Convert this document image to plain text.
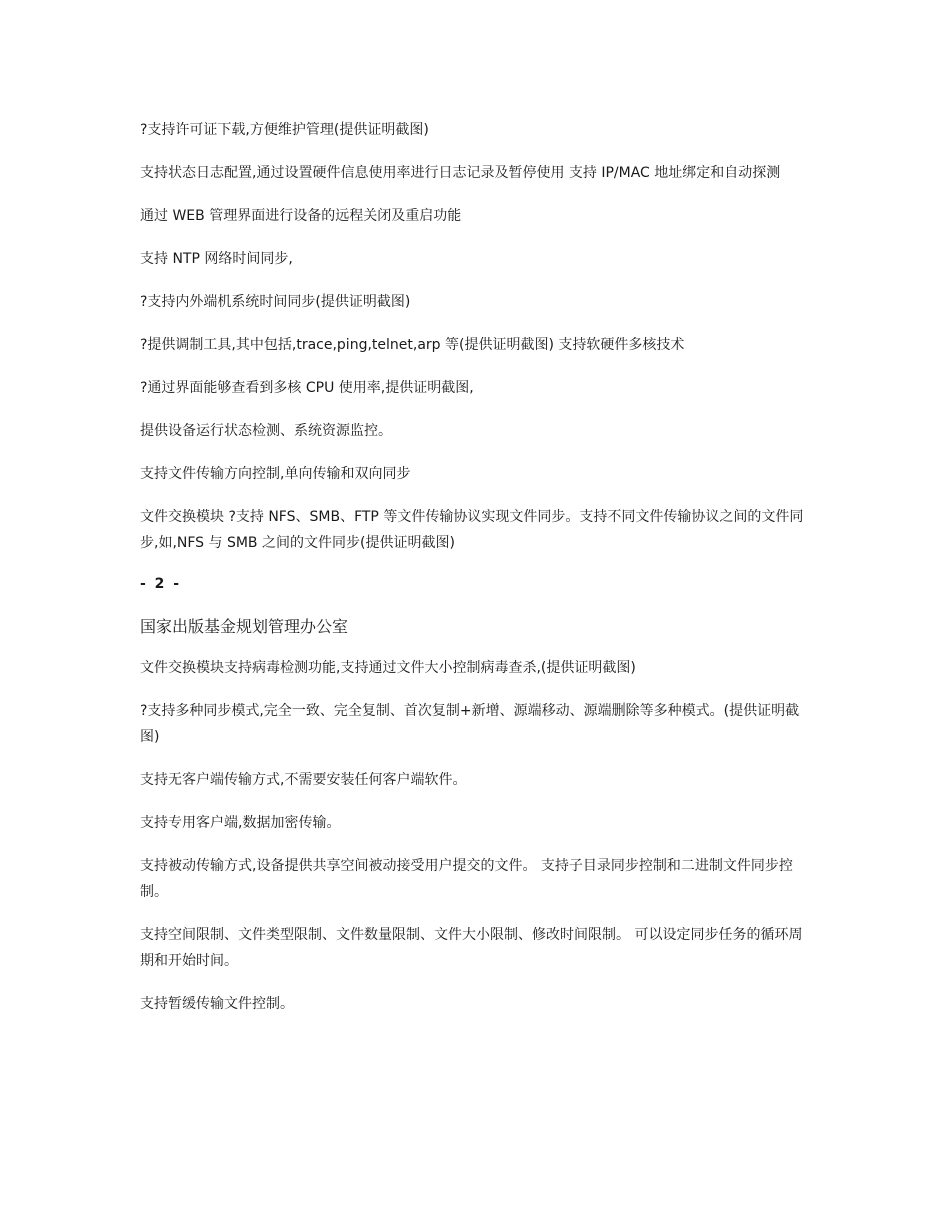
?支持许可证下载,方便维护管理(提供证明截图)

支持状态日志配置,通过设置硬件信息使用率进行日志记录及暂停使用 支持 IP/MAC 地址绑定和自动探测

通过 WEB 管理界面进行设备的远程关闭及重启功能

支持 NTP 网络时间同步,

?支持内外端机系统时间同步(提供证明截图)

?提供调制工具,其中包括,trace,ping,telnet,arp 等(提供证明截图) 支持软硬件多核技术

?通过界面能够查看到多核 CPU 使用率,提供证明截图,

提供设备运行状态检测、系统资源监控。

支持文件传输方向控制,单向传输和双向同步

文件交换模块 ?支持 NFS、SMB、FTP 等文件传输协议实现文件同步。支持不同文件传输协议之间的文件同步,如,NFS 与 SMB 之间的文件同步(提供证明截图)

- 2 -

国家出版基金规划管理办公室

文件交换模块支持病毒检测功能,支持通过文件大小控制病毒查杀,(提供证明截图)

?支持多种同步模式,完全一致、完全复制、首次复制+新增、源端移动、源端删除等多种模式。(提供证明截图)

支持无客户端传输方式,不需要安装任何客户端软件。

支持专用客户端,数据加密传输。

支持被动传输方式,设备提供共享空间被动接受用户提交的文件。 支持子目录同步控制和二进制文件同步控制。

支持空间限制、文件类型限制、文件数量限制、文件大小限制、修改时间限制。 可以设定同步任务的循环周期和开始时间。

支持暂缓传输文件控制。
